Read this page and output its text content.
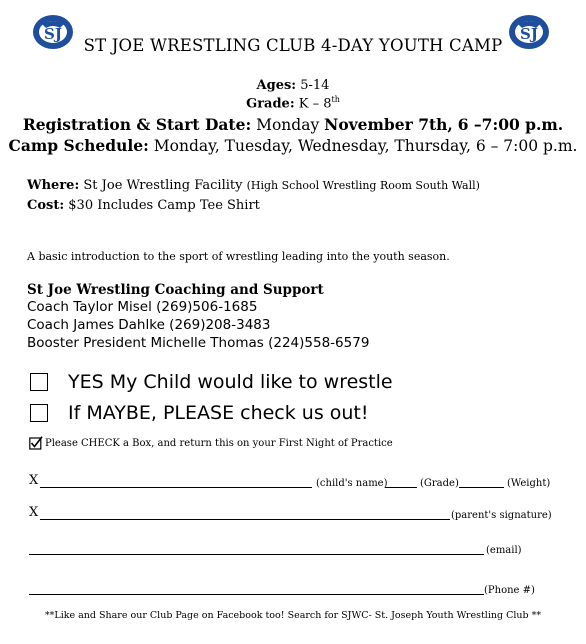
SJ	SJ
ST JOE WRESTLING CLUB 4-DAY YOUTH CAMP
Ages: 5-14
Grade: K – 8th
Registration & Start Date: Monday November 7th, 6 –7:00 p.m.
Camp Schedule: Monday, Tuesday, Wednesday, Thursday, 6 – 7:00 p.m.
Where: St Joe Wrestling Facility (High School Wrestling Room South Wall)
Cost: $30 Includes Camp Tee Shirt
A basic introduction to the sport of wrestling leading into the youth season.
St Joe Wrestling Coaching and Support
Coach Taylor Misel (269)506-1685
Coach James Dahlke (269)208-3483
Booster President Michelle Thomas (224)558-6579
YES My Child would like to wrestle
If MAYBE, PLEASE check us out!
Please CHECK a Box, and return this on your First Night of Practice
X	(child's name)	(Grade)	(Weight)
X	(parent's signature)
(email)
(Phone #)
**Like and Share our Club Page on Facebook too! Search for SJWC- St. Joseph Youth Wrestling Club **
